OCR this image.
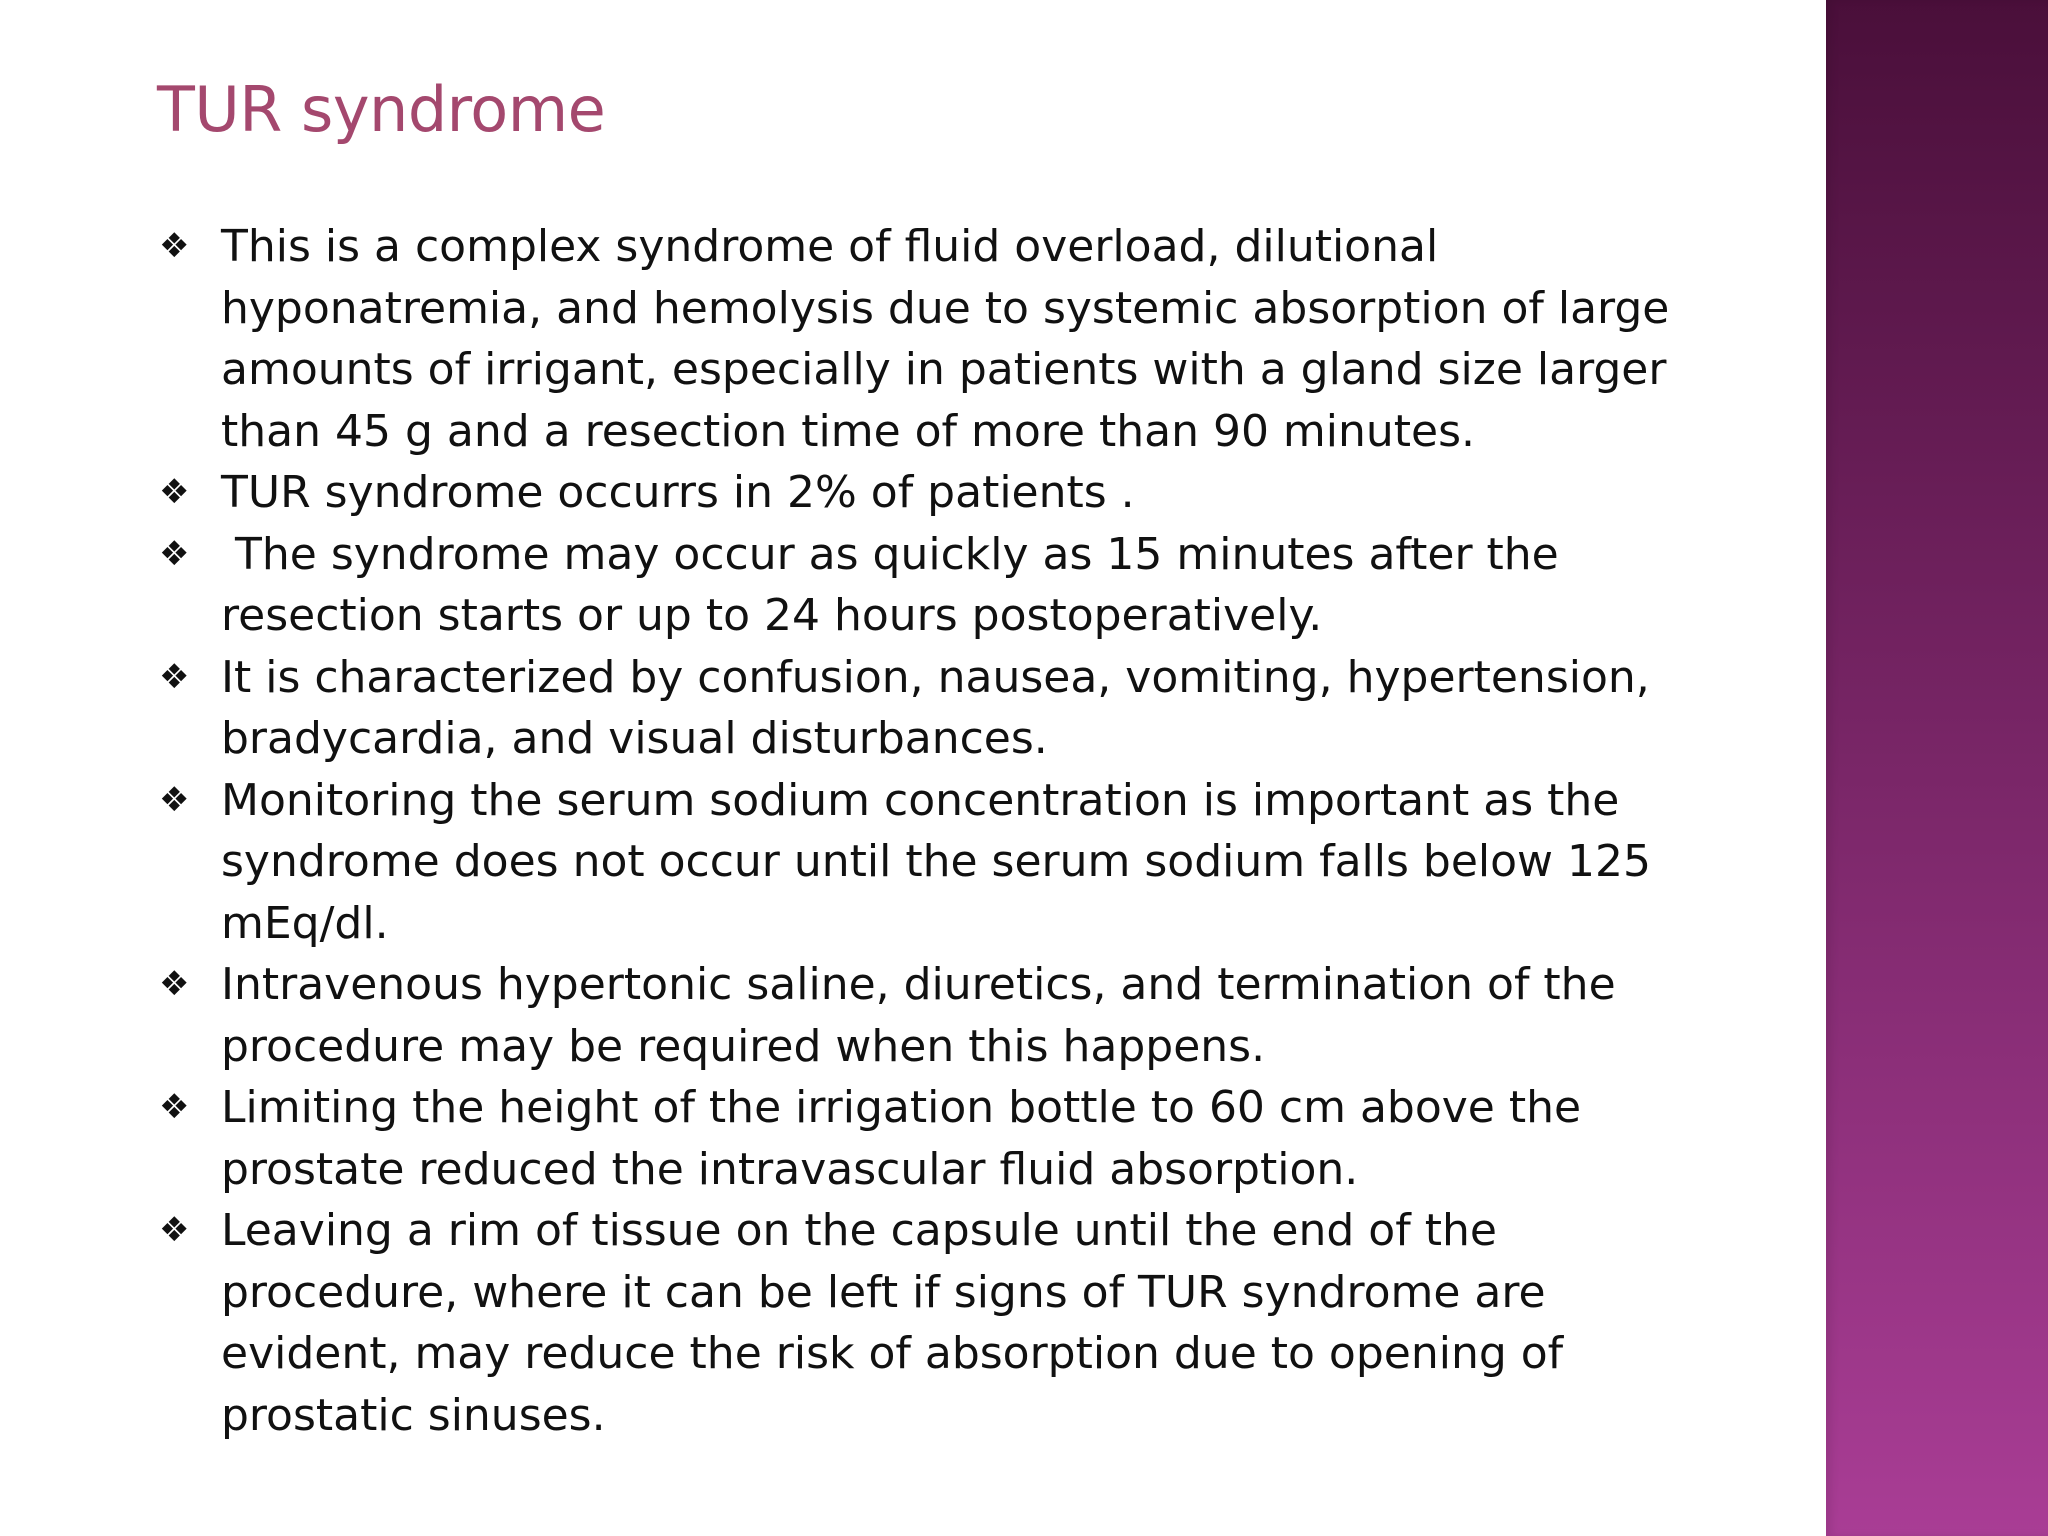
TUR syndrome
❖ This is a complex syndrome of fluid overload, dilutional hyponatremia, and hemolysis due to systemic absorption of large amounts of irrigant, especially in patients with a gland size larger than 45 g and a resection time of more than 90 minutes.
❖ TUR syndrome occurrs in 2% of patients .
❖ The syndrome may occur as quickly as 15 minutes after the resection starts or up to 24 hours postoperatively.
❖ It is characterized by confusion, nausea, vomiting, hypertension, bradycardia, and visual disturbances.
❖ Monitoring the serum sodium concentration is important as the syndrome does not occur until the serum sodium falls below 125 mEq/dl.
❖ Intravenous hypertonic saline, diuretics, and termination of the procedure may be required when this happens.
❖ Limiting the height of the irrigation bottle to 60 cm above the prostate reduced the intravascular fluid absorption.
❖ Leaving a rim of tissue on the capsule until the end of the procedure, where it can be left if signs of TUR syndrome are evident, may reduce the risk of absorption due to opening of prostatic sinuses.
